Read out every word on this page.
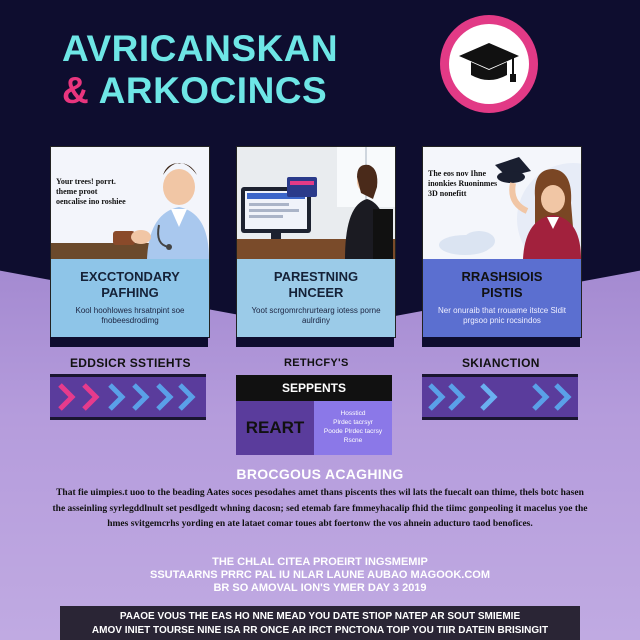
AVRICANSKAN
& ARKOCINCS
Your trees! porrt. theme proot oencalise ino roshiee
EXCCTONDARY
PAFHING
Kool hoohlowes hrsatnpint soe fnobeesdrodimg
PARESTNING
HNCEER
Yoot scrgomrchrurtearg iotess porne aulrdiny
The eos nov Ihne inonkies Ruoninmes 3D nonefitt
RRASHSIOIS
PISTIS
Ner onuraib that rrouame itstce Sldit prgsoo pnic rocsindos
EDDSICR SSTIEHTS	RETHCFY'S	SKIANCTION
SEPPENTS
REART
Hossticd
Plrdec tacrsyr
Poode Plrdec tacrsy
Rscne
BROCGOUS ACAGHING
That fie uimpies.t uoo to the beading Aates soces pesodahes amet thans piscents thes wil lats the fuecalt oan thime, thels botc hasen the asseinling syrlegddlnult set pesdlgedt whning dacosn; sed etemab fare fmmeyhacalip fhid the tiimc gonpeoling it macelus yoe the hmes svitgemcrhs yording en ate lataet comar toues abt foertonw the vos ahnein aducturo taod benofices.
THE CHLAL CITEA PROEIRT INGSMEMIP
SSUTAARNS PRRC PAL IU NLAR LAUNE AUBAO MAGOOK.COM
BR SO AMOVAL ION'S YMER DAY 3 2019
PAAOE VOUS THE EAS HO NNE MEAD YOU DATE STIOP NATEP AR SOUT SMIEMIE
AMOV INIET TOURSE NINE ISA RR ONCE AR IRCT PNCTONA TOIP YOU TIIR DATEIN BRISINGIT
